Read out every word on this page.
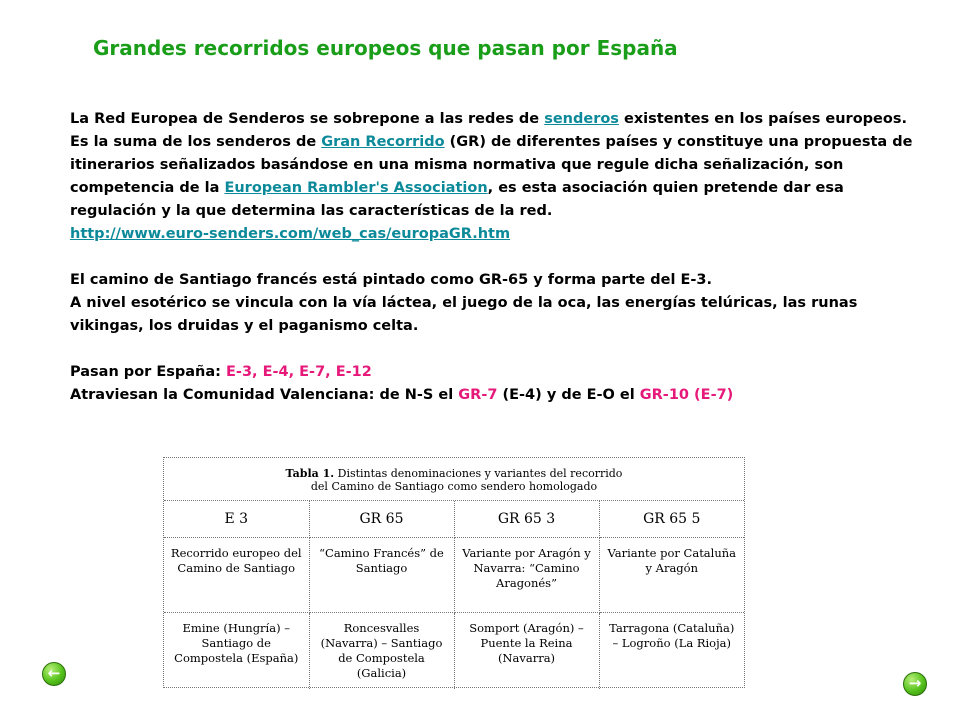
Grandes recorridos europeos que pasan por España

La Red Europea de Senderos se sobrepone a las redes de senderos existentes en los países europeos.

Es la suma de los senderos de Gran Recorrido (GR) de diferentes países y constituye una propuesta de itinerarios señalizados basándose en una misma normativa que regule dicha señalización, son competencia de la European Rambler's Association, es esta asociación quien pretende dar esa regulación y la que determina las características de la red.

http://www.euro-senders.com/web_cas/europaGR.htm

El camino de Santiago francés está pintado como GR-65 y forma parte del E-3.

A nivel esotérico se vincula con la vía láctea, el juego de la oca, las energías telúricas, las runas vikingas, los druidas y el paganismo celta.

Pasan por España: E-3, E-4, E-7, E-12

Atraviesan la Comunidad Valenciana: de N-S el GR-7 (E-4) y de E-O el GR-10 (E-7)

Tabla 1. Distintas denominaciones y variantes del recorrido
del Camino de Santiago como sendero homologado
E 3	GR 65	GR 65 3	GR 65 5
Recorrido europeo del Camino de Santiago	“Camino Francés” de Santiago	Variante por Aragón y Navarra: “Camino Aragonés”	Variante por Cataluña y Aragón
Emine (Hungría) – Santiago de Compostela (España)	Roncesvalles (Navarra) – Santiago de Compostela (Galicia)	Somport (Aragón) – Puente la Reina (Navarra)	Tarragona (Cataluña) – Logroño (La Rioja)
←
→
